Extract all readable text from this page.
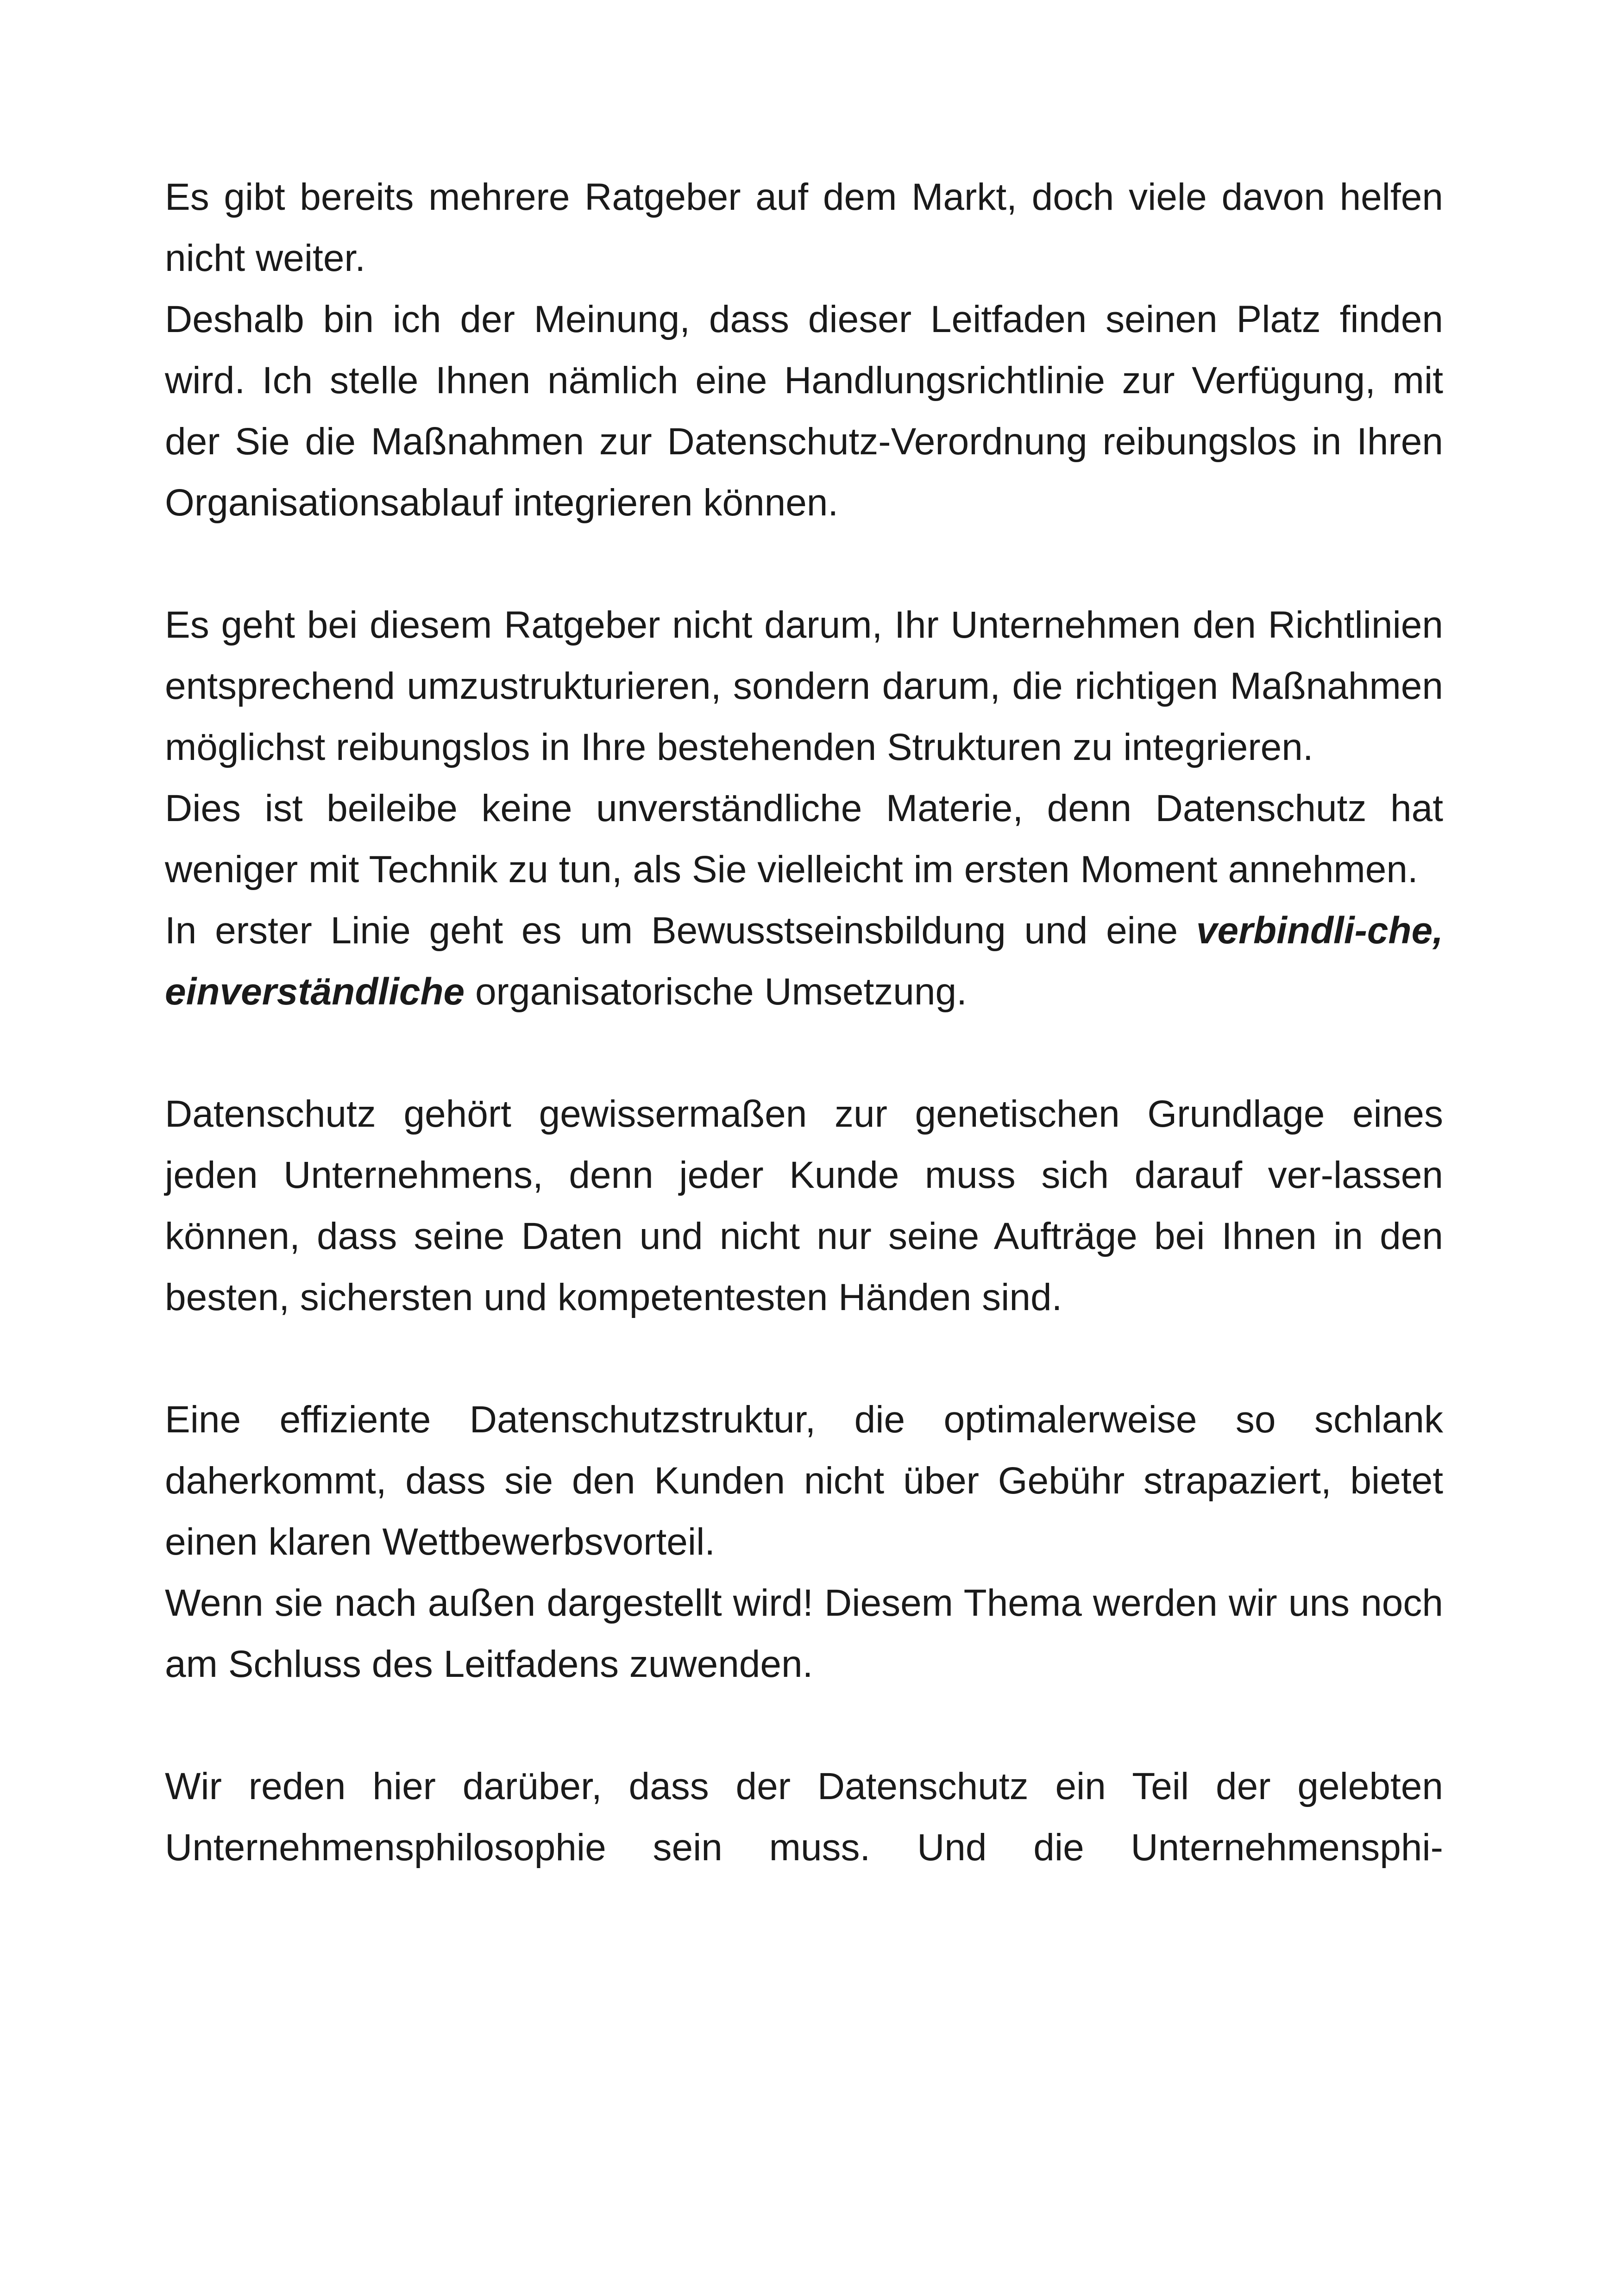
Es gibt bereits mehrere Ratgeber auf dem Markt, doch viele davon helfen nicht weiter.

Deshalb bin ich der Meinung, dass dieser Leitfaden seinen Platz finden wird. Ich stelle Ihnen nämlich eine Handlungsrichtlinie zur Verfügung, mit der Sie die Maßnahmen zur Datenschutz-Verordnung reibungslos in Ihren Organisationsablauf integrieren können.

Es geht bei diesem Ratgeber nicht darum, Ihr Unternehmen den Richtlinien entsprechend umzustrukturieren, sondern darum, die richtigen Maßnahmen möglichst reibungslos in Ihre bestehenden Strukturen zu integrieren.

Dies ist beileibe keine unverständliche Materie, denn Datenschutz hat weniger mit Technik zu tun, als Sie vielleicht im ersten Moment annehmen.

In erster Linie geht es um Bewusstseinsbildung und eine verbindli-che, einverständliche organisatorische Umsetzung.

Datenschutz gehört gewissermaßen zur genetischen Grundlage eines jeden Unternehmens, denn jeder Kunde muss sich darauf ver-lassen können, dass seine Daten und nicht nur seine Aufträge bei Ihnen in den besten, sichersten und kompetentesten Händen sind.

Eine effiziente Datenschutzstruktur, die optimalerweise so schlank daherkommt, dass sie den Kunden nicht über Gebühr strapaziert, bietet einen klaren Wettbewerbsvorteil.

Wenn sie nach außen dargestellt wird! Diesem Thema werden wir uns noch am Schluss des Leitfadens zuwenden.

Wir reden hier darüber, dass der Datenschutz ein Teil der gelebten Unternehmensphilosophie sein muss. Und die Unternehmensphi-
